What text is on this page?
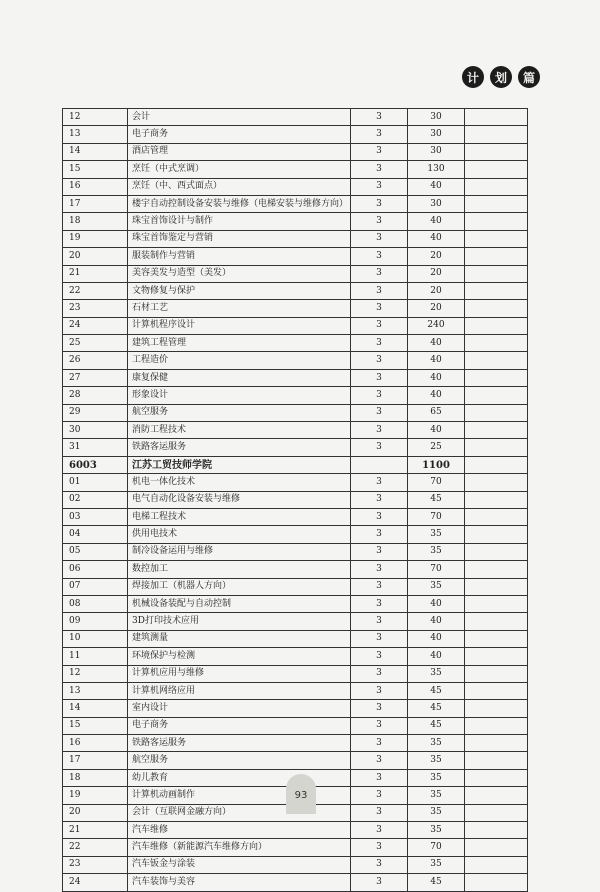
计	划	篇
12	会计	3	30	
13	电子商务	3	30	
14	酒店管理	3	30	
15	烹饪（中式烹调）	3	130	
16	烹饪（中、西式面点）	3	40	
17	楼宇自动控制设备安装与维修（电梯安装与维修方向）	3	30	
18	珠宝首饰设计与制作	3	40	
19	珠宝首饰鉴定与营销	3	40	
20	服装制作与营销	3	20	
21	美容美发与造型（美发）	3	20	
22	文物修复与保护	3	20	
23	石材工艺	3	20	
24	计算机程序设计	3	240	
25	建筑工程管理	3	40	
26	工程造价	3	40	
27	康复保健	3	40	
28	形象设计	3	40	
29	航空服务	3	65	
30	消防工程技术	3	40	
31	铁路客运服务	3	25	
6003	江苏工贸技师学院		1100	
01	机电一体化技术	3	70	
02	电气自动化设备安装与维修	3	45	
03	电梯工程技术	3	70	
04	供用电技术	3	35	
05	制冷设备运用与维修	3	35	
06	数控加工	3	70	
07	焊接加工（机器人方向）	3	35	
08	机械设备装配与自动控制	3	40	
09	3D打印技术应用	3	40	
10	建筑测量	3	40	
11	环境保护与检测	3	40	
12	计算机应用与维修	3	35	
13	计算机网络应用	3	45	
14	室内设计	3	45	
15	电子商务	3	45	
16	铁路客运服务	3	35	
17	航空服务	3	35	
18	幼儿教育	3	35	
19	计算机动画制作	3	35	
20	会计（互联网金融方向）	3	35	
21	汽车维修	3	35	
22	汽车维修（新能源汽车维修方向）	3	70	
23	汽车钣金与涂装	3	35	
24	汽车装饰与美容	3	45	
93
